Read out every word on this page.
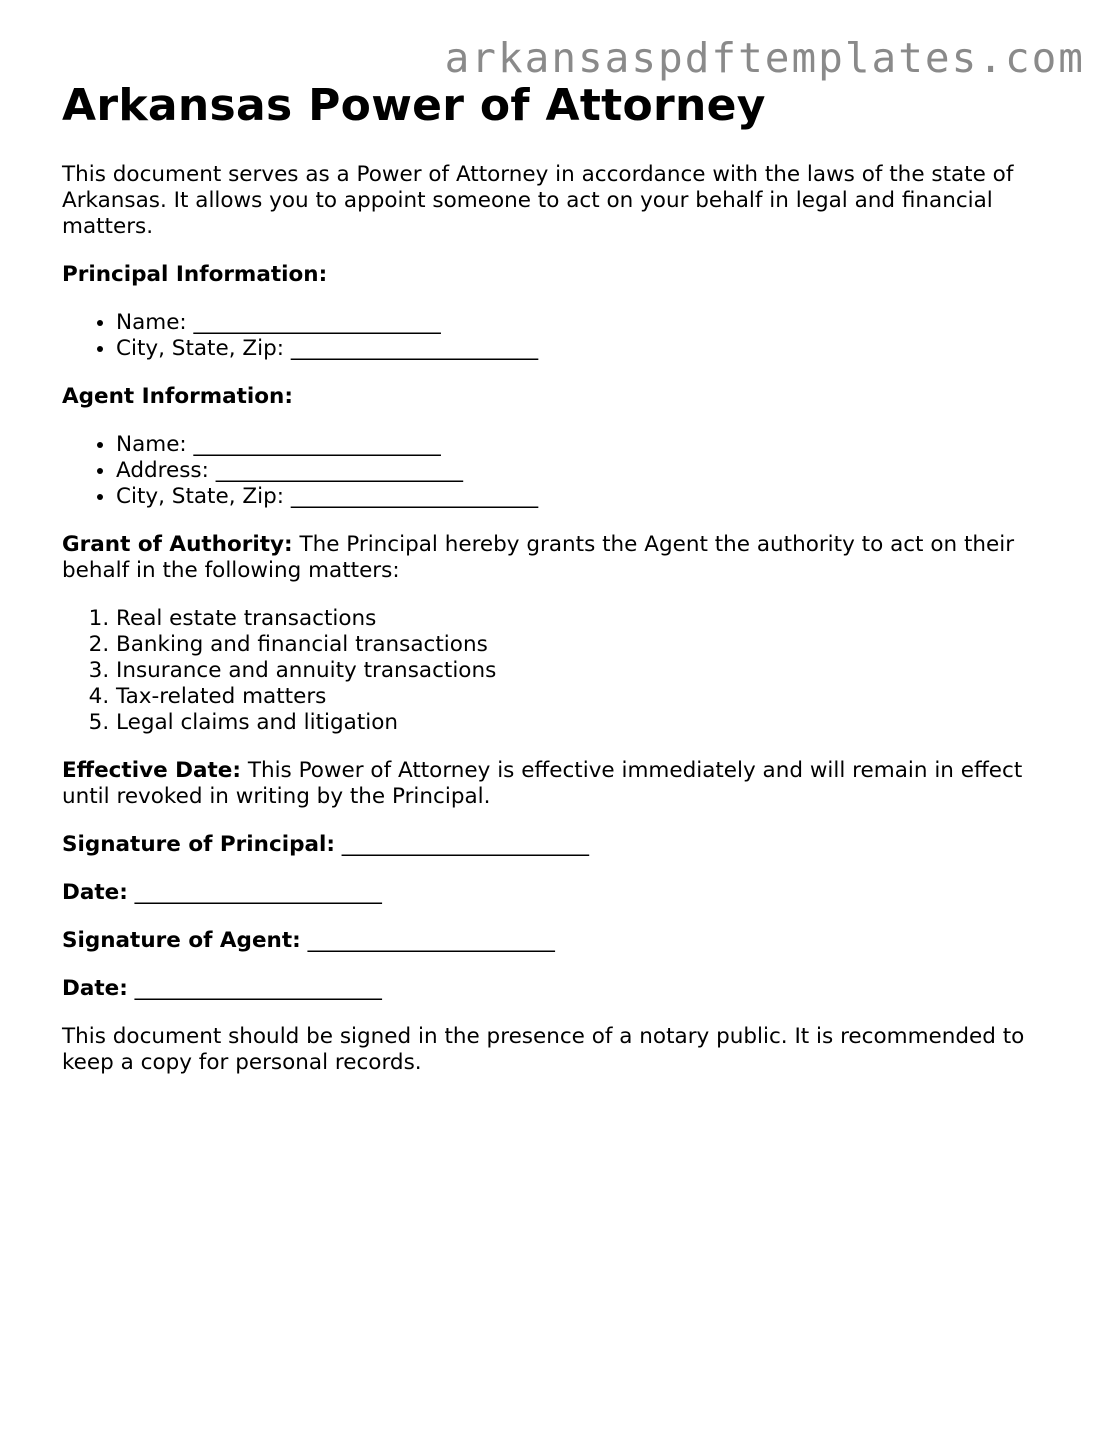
arkansaspdftemplates.com
Arkansas Power of Attorney

This document serves as a Power of Attorney in accordance with the laws of the state of Arkansas. It allows you to appoint someone to act on your behalf in legal and financial matters.

Principal Information:

• Name: _______________________
• City, State, Zip: _______________________

Agent Information:

• Name: _______________________
• Address: _______________________
• City, State, Zip: _______________________

Grant of Authority: The Principal hereby grants the Agent the authority to act on their behalf in the following matters:

1. Real estate transactions
2. Banking and financial transactions
3. Insurance and annuity transactions
4. Tax-related matters
5. Legal claims and litigation

Effective Date: This Power of Attorney is effective immediately and will remain in effect until revoked in writing by the Principal.

Signature of Principal: _______________________

Date: _______________________

Signature of Agent: _______________________

Date: _______________________

This document should be signed in the presence of a notary public. It is recommended to keep a copy for personal records.
